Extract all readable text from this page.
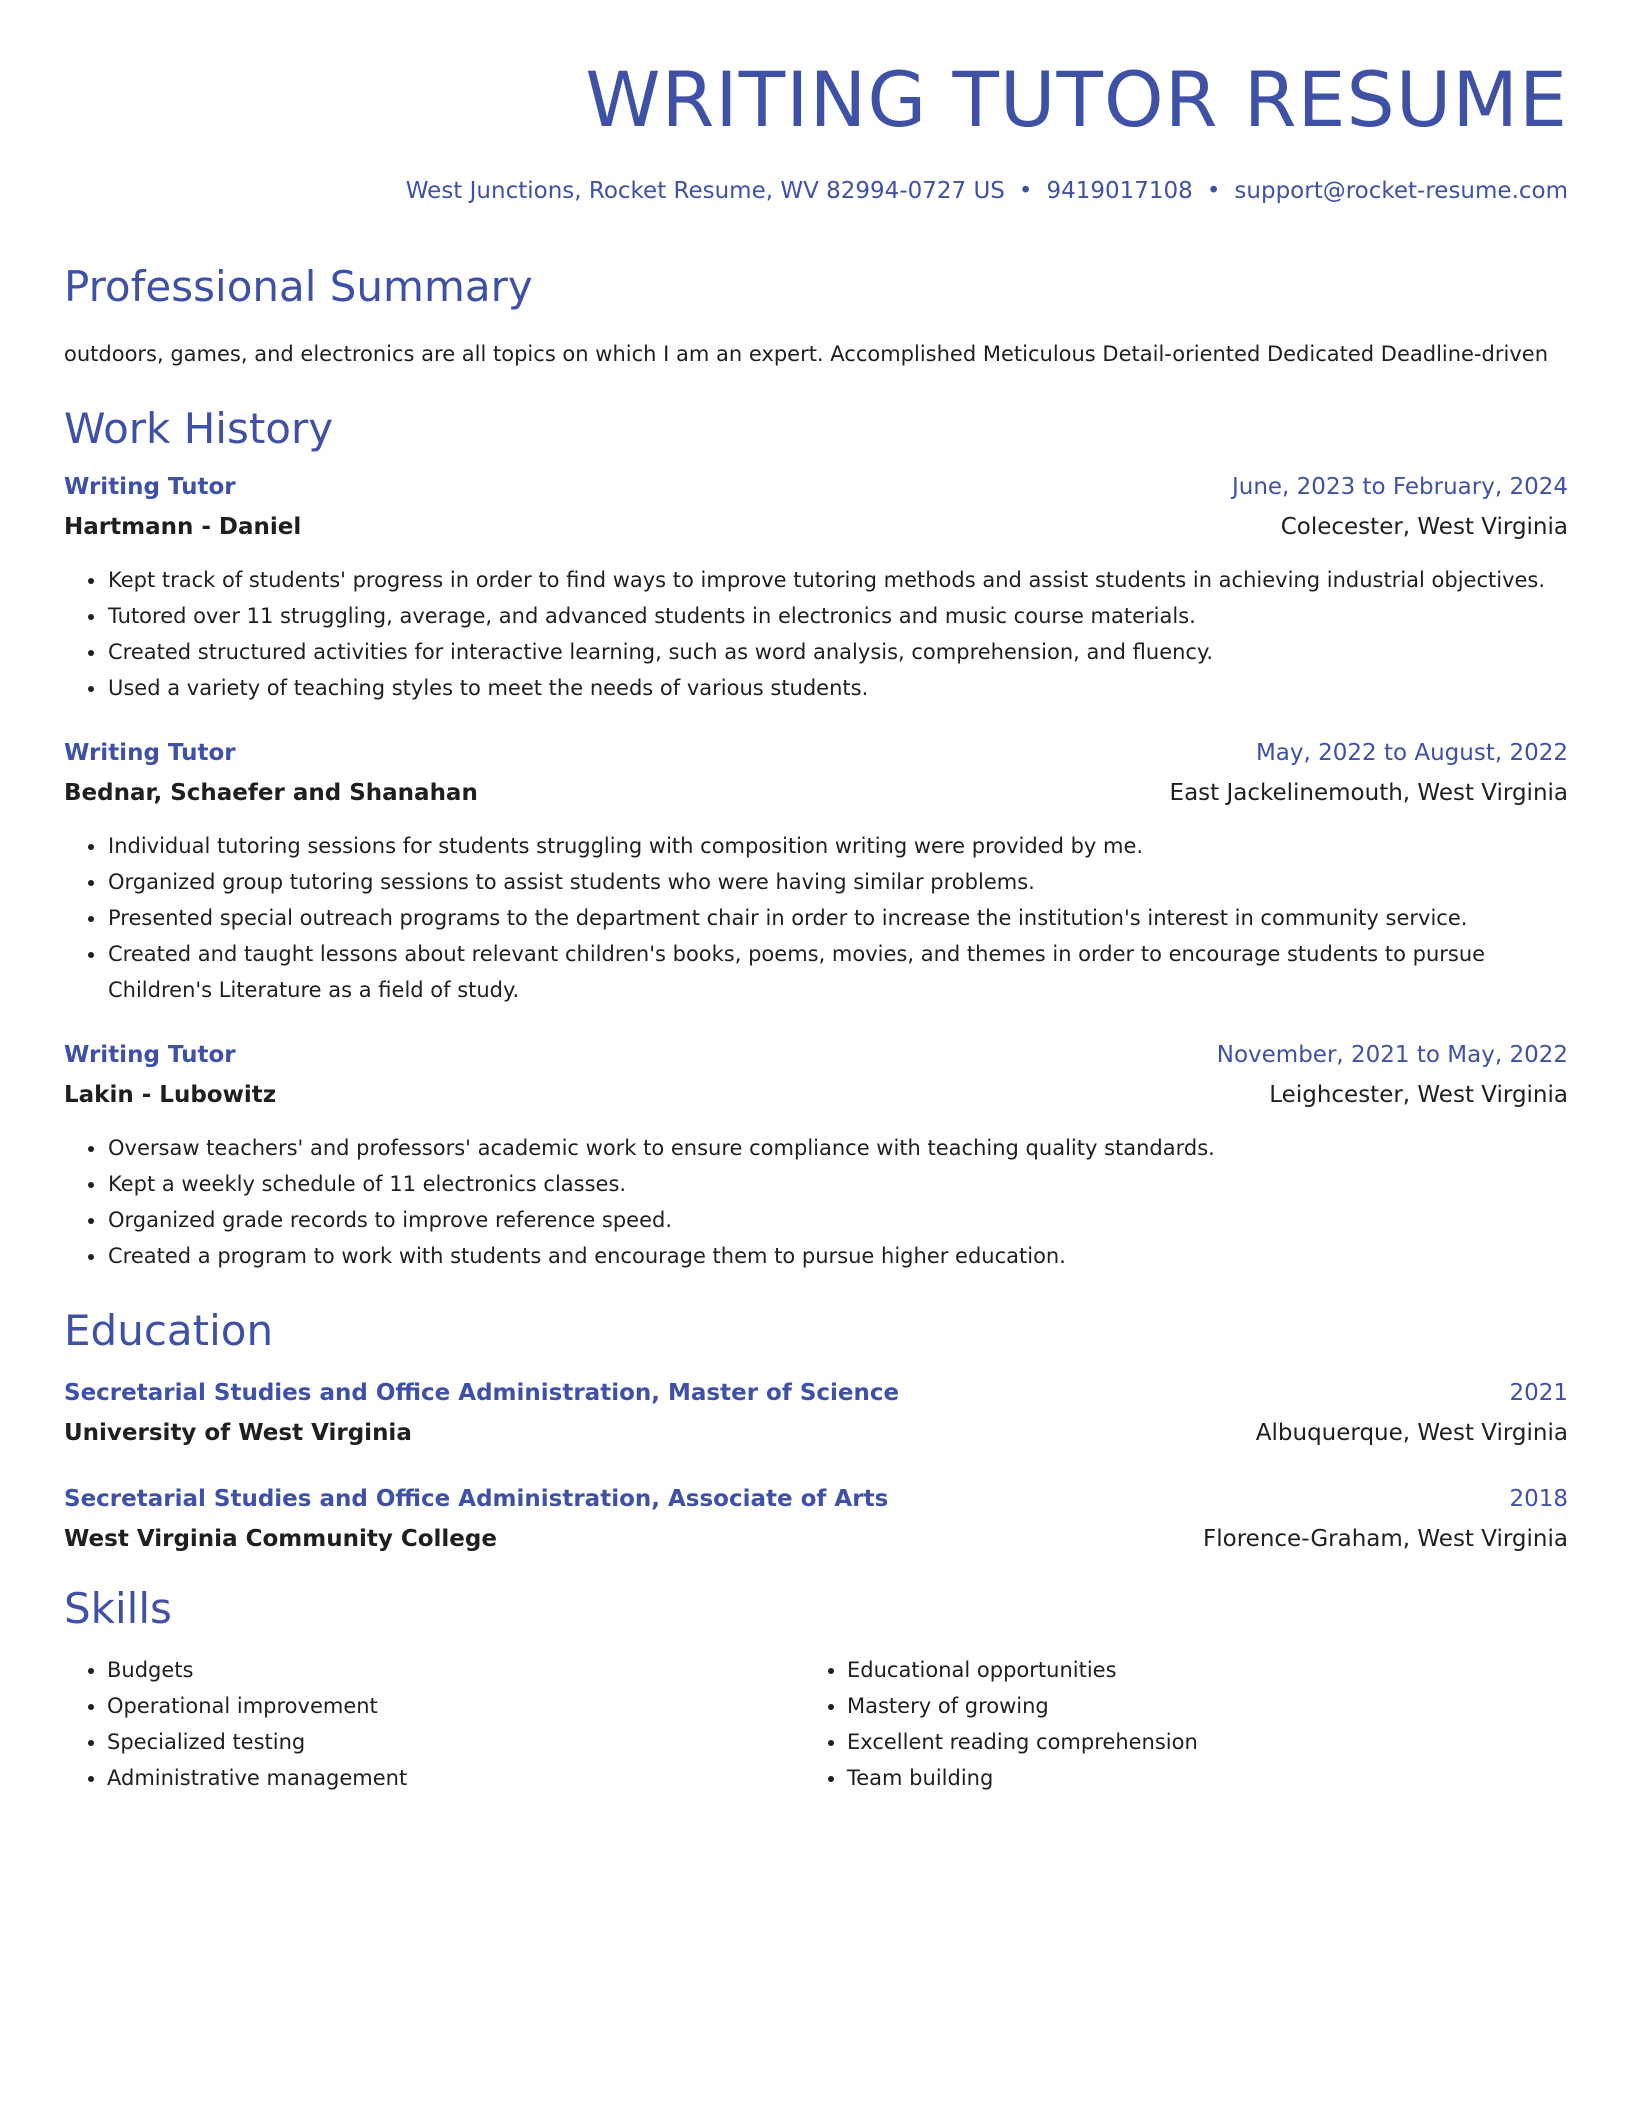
WRITING TUTOR RESUME
West Junctions, Rocket Resume, WV 82994-0727 US • 9419017108 • support@rocket-resume.com
Professional Summary

outdoors, games, and electronics are all topics on which I am an expert. Accomplished Meticulous Detail-oriented Dedicated Deadline-driven

Work History
Writing Tutor	June, 2023 to February, 2024
Hartmann - Daniel	Colecester, West Virginia
• Kept track of students' progress in order to find ways to improve tutoring methods and assist students in achieving industrial objectives.
• Tutored over 11 struggling, average, and advanced students in electronics and music course materials.
• Created structured activities for interactive learning, such as word analysis, comprehension, and fluency.
• Used a variety of teaching styles to meet the needs of various students.
Writing Tutor	May, 2022 to August, 2022
Bednar, Schaefer and Shanahan	East Jackelinemouth, West Virginia
• Individual tutoring sessions for students struggling with composition writing were provided by me.
• Organized group tutoring sessions to assist students who were having similar problems.
• Presented special outreach programs to the department chair in order to increase the institution's interest in community service.
• Created and taught lessons about relevant children's books, poems, movies, and themes in order to encourage students to pursue Children's Literature as a field of study.
Writing Tutor	November, 2021 to May, 2022
Lakin - Lubowitz	Leighcester, West Virginia
• Oversaw teachers' and professors' academic work to ensure compliance with teaching quality standards.
• Kept a weekly schedule of 11 electronics classes.
• Organized grade records to improve reference speed.
• Created a program to work with students and encourage them to pursue higher education.
Education
Secretarial Studies and Office Administration, Master of Science	2021
University of West Virginia	Albuquerque, West Virginia
Secretarial Studies and Office Administration, Associate of Arts	2018
West Virginia Community College	Florence-Graham, West Virginia
Skills
• Budgets
• Operational improvement
• Specialized testing
• Administrative management
• Educational opportunities
• Mastery of growing
• Excellent reading comprehension
• Team building
